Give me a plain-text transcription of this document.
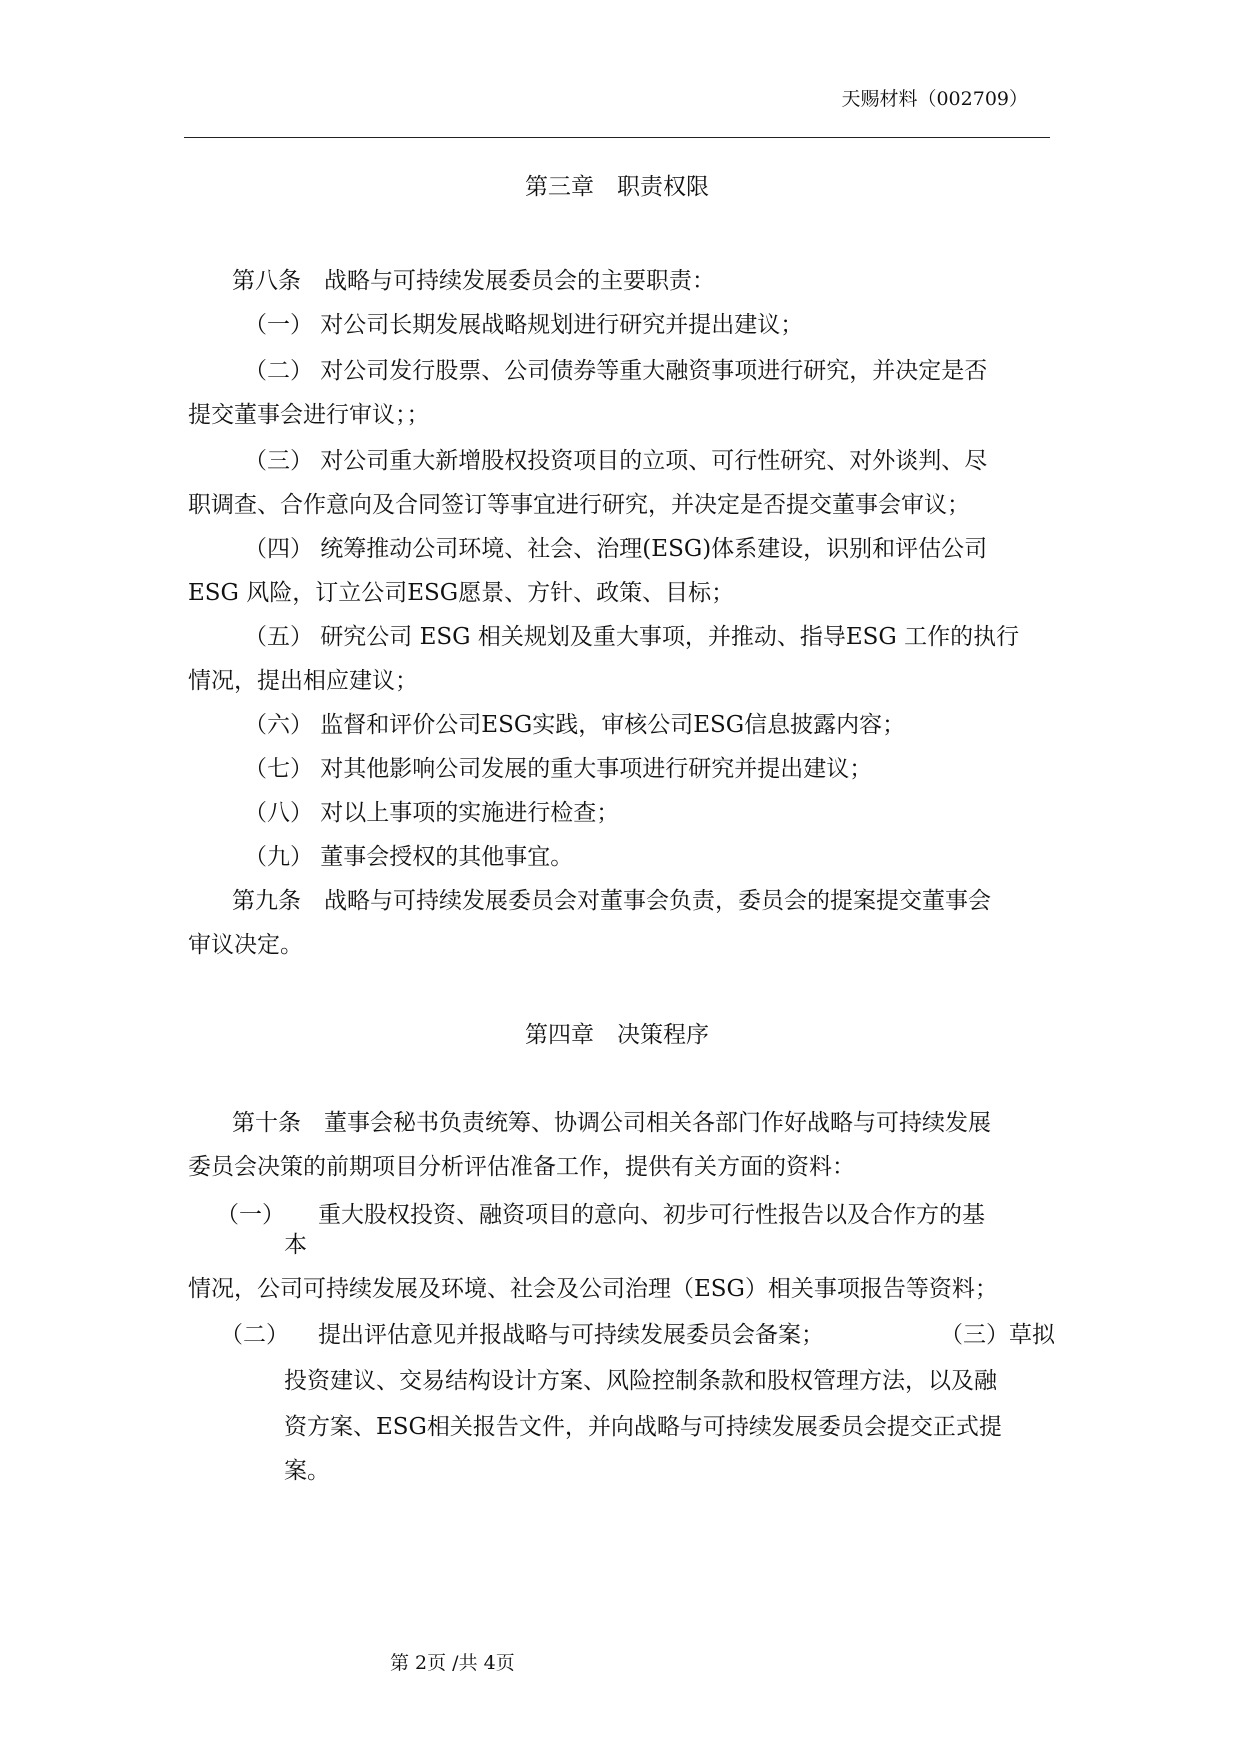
天赐材料（002709）
第三章　职责权限
第八条　战略与可持续发展委员会的主要职责：
（一） 对公司长期发展战略规划进行研究并提出建议；
（二） 对公司发行股票、公司债券等重大融资事项进行研究，并决定是否
提交董事会进行审议；；
（三） 对公司重大新增股权投资项目的立项、可行性研究、对外谈判、尽
职调查、合作意向及合同签订等事宜进行研究，并决定是否提交董事会审议；
（四） 统筹推动公司环境、社会、治理(ESG)体系建设，识别和评估公司
ESG 风险，订立公司ESG愿景、方针、政策、目标；
（五） 研究公司 ESG 相关规划及重大事项，并推动、指导ESG 工作的执行
情况，提出相应建议；
（六） 监督和评价公司ESG实践，审核公司ESG信息披露内容；
（七） 对其他影响公司发展的重大事项进行研究并提出建议；
（八） 对以上事项的实施进行检查；
（九） 董事会授权的其他事宜。
第九条　战略与可持续发展委员会对董事会负责，委员会的提案提交董事会
审议决定。
第四章　决策程序
第十条　董事会秘书负责统筹、协调公司相关各部门作好战略与可持续发展
委员会决策的前期项目分析评估准备工作，提供有关方面的资料：
（一） 重大股权投资、融资项目的意向、初步可行性报告以及合作方的基
本
情况，公司可持续发展及环境、社会及公司治理（ESG）相关事项报告等资料；
（二） 提出评估意见并报战略与可持续发展委员会备案；	（三）草拟
投资建议、交易结构设计方案、风险控制条款和股权管理方法，以及融
资方案、ESG相关报告文件，并向战略与可持续发展委员会提交正式提
案。
第 2页 /共 4页
